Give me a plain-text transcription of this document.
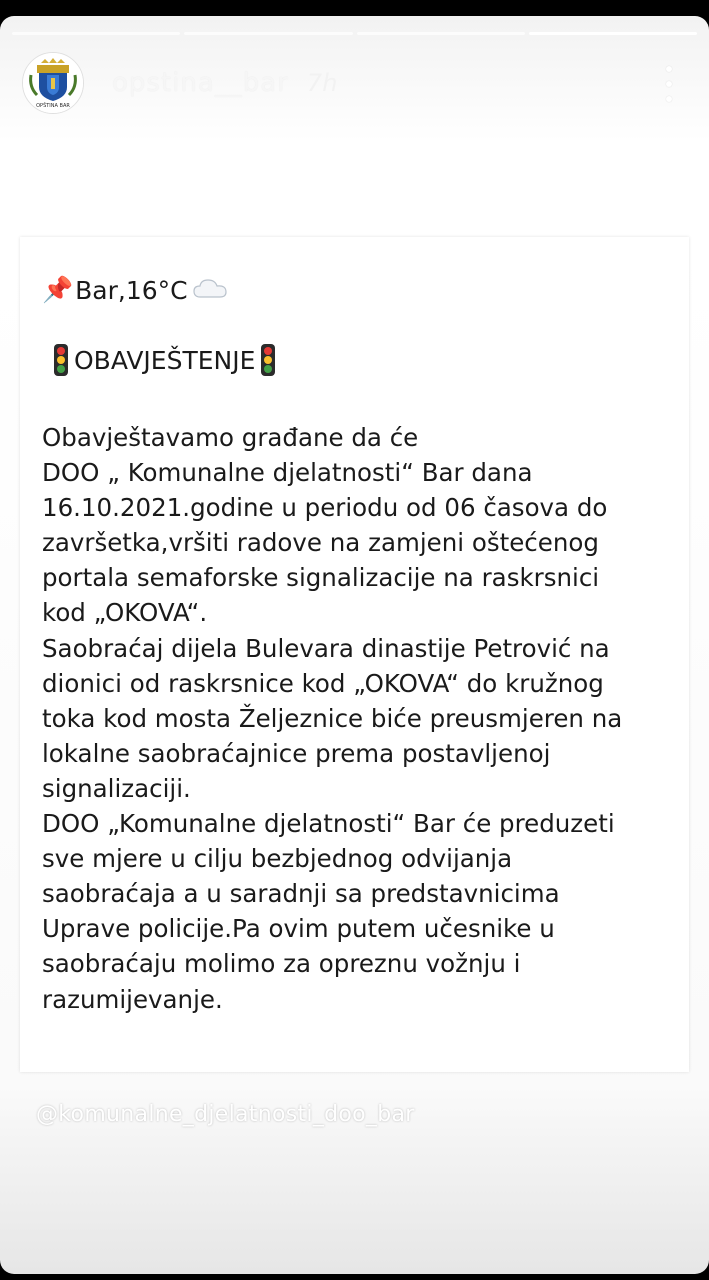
OPŠTINA BAR
opstina__bar 7h
📌 Bar,16°C
OBAVJEŠTENJE
Obavještavamo građane da će
DOO „ Komunalne djelatnosti“ Bar dana
16.10.2021.godine u periodu od 06 časova do
završetka,vršiti radove na zamjeni oštećenog
portala semaforske signalizacije na raskrsnici
kod „OKOVA“.
Saobraćaj dijela Bulevara dinastije Petrović na
dionici od raskrsnice kod „OKOVA“ do kružnog
toka kod mosta Željeznice biće preusmjeren na
lokalne saobraćajnice prema postavljenoj
signalizaciji.
DOO „Komunalne djelatnosti“ Bar će preduzeti
sve mjere u cilju bezbjednog odvijanja
saobraćaja a u saradnji sa predstavnicima
Uprave policije.Pa ovim putem učesnike u
saobraćaju molimo za opreznu vožnju i
razumijevanje.
@komunalne_djelatnosti_doo_bar
